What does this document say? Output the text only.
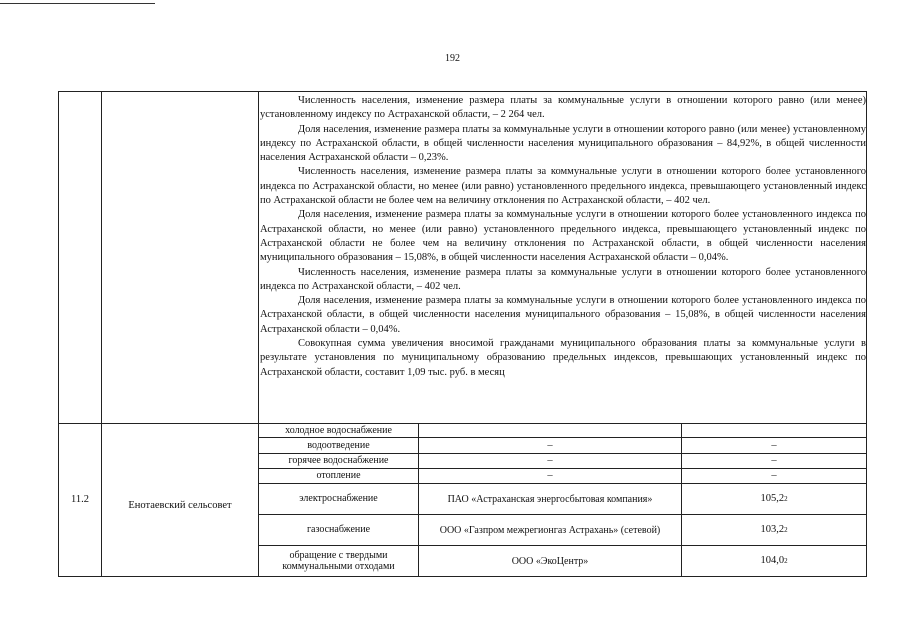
192

Численность населения, изменение размера платы за коммунальные услуги в отношении которого равно (или менее) установленному индексу по Астраханской области, – 2 264 чел.

Доля населения, изменение размера платы за коммунальные услуги в отношении которого равно (или менее) установленному индексу по Астраханской области, в общей численности населения муниципального образования – 84,92%, в общей численности населения Астраханской области – 0,23%.

Численность населения, изменение размера платы за коммунальные услуги в отношении которого более установленного индекса по Астраханской области, но менее (или равно) установленного предельного индекса, превышающего установленный индекс по Астраханской области не более чем на величину отклонения по Астраханской области, – 402 чел.

Доля населения, изменение размера платы за коммунальные услуги в отношении которого более установленного индекса по Астраханской области, но менее (или равно) установленного предельного индекса, превышающего установленный индекс по Астраханской области не более чем на величину отклонения по Астраханской области, в общей численности населения муниципального образования – 15,08%, в общей численности населения Астраханской области – 0,04%.

Численность населения, изменение размера платы за коммунальные услуги в отношении которого более установленного индекса по Астраханской области, – 402 чел.

Доля населения, изменение размера платы за коммунальные услуги в отношении которого более установленного индекса по Астраханской области, в общей численности населения муниципального образования – 15,08%, в общей численности населения Астраханской области – 0,04%.

Совокупная сумма увеличения вносимой гражданами муниципального образования платы за коммунальные услуги в результате установления по муниципальному образованию предельных индексов, превышающих установленный индекс по Астраханской области, составит 1,09 тыс. руб. в месяц

11.2
Енотаевский сельсовет
холодное водоснабжение
водоотведение	–	–
горячее водоснабжение	–	–
отопление	–	–
электроснабжение	ПАО «Астраханская энергосбытовая компания»	105,2 2
газоснабжение	ООО «Газпром межрегионгаз Астрахань» (сетевой)	103,2 2
обращение с твердыми коммунальными отходами	ООО «ЭкоЦентр»	104,0 2
